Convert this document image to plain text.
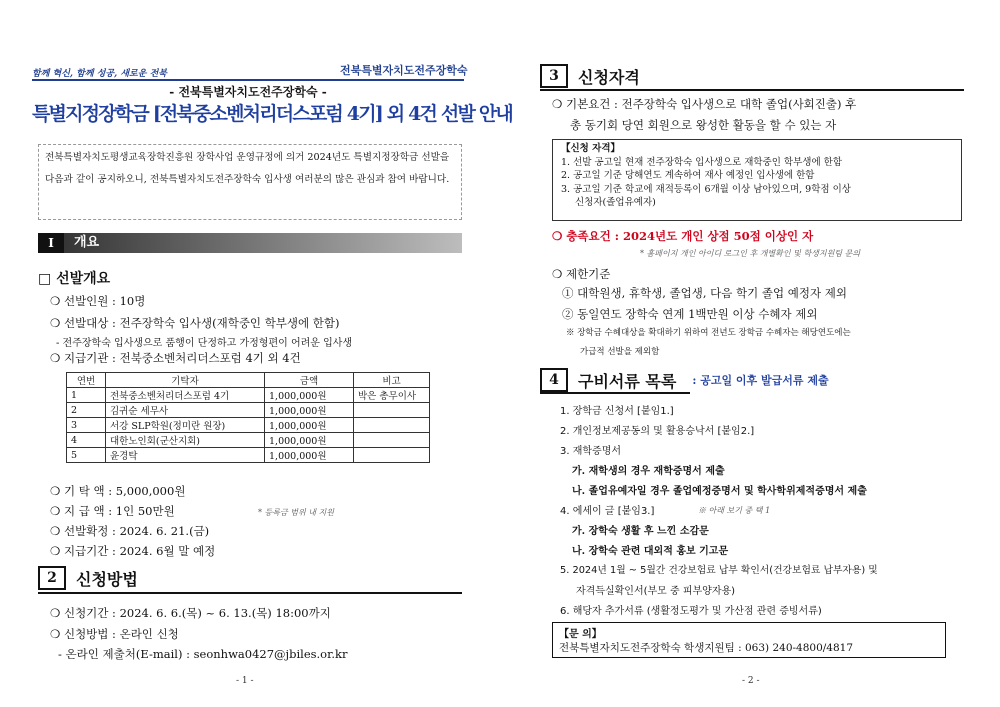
함께 혁신, 함께 성공, 새로운 전북	전북특별자치도전주장학숙
- 전북특별자치도전주장학숙 -
특별지정장학금 [전북중소벤처리더스포럼 4기] 외 4건 선발 안내
전북특별자치도평생교육장학진흥원 장학사업 운영규정에 의거 2024년도 특별지정장학금 선발을 다음과 같이 공지하오니, 전북특별자치도전주장학숙 입사생 여러분의 많은 관심과 참여 바랍니다.
I	개요
□ 선발개요
❍ 선발인원 : 10명
❍ 선발대상 : 전주장학숙 입사생(재학중인 학부생에 한함)
- 전주장학숙 입사생으로 품행이 단정하고 가정형편이 어려운 입사생
❍ 지급기관 : 전북중소벤처리더스포럼 4기 외 4건
연번	기탁자	금액	비고
1	전북중소벤처리더스포럼 4기	1,000,000원	박은 총무이사
2	김귀순 세무사	1,000,000원	
3	서강 SLP학원(정미란 원장)	1,000,000원	
4	대한노인회(군산지회)	1,000,000원	
5	윤경탁	1,000,000원	
❍ 기 탁 액 : 5,000,000원
❍ 지 급 액 : 1인 50만원	* 등록금 범위 내 지원
❍ 선발확정 : 2024. 6. 21.(금)
❍ 지급기간 : 2024. 6월 말 예정
2	신청방법
❍ 신청기간 : 2024. 6. 6.(목) ~ 6. 13.(목) 18:00까지
❍ 신청방법 : 온라인 신청
- 온라인 제출처(E-mail) : seonhwa0427@jbiles.or.kr
- 1 -
3	신청자격
❍ 기본요건 : 전주장학숙 입사생으로 대학 졸업(사회진출) 후
총 동기회 당연 회원으로 왕성한 활동을 할 수 있는 자
【신청 자격】
1. 선발 공고일 현재 전주장학숙 입사생으로 재학중인 학부생에 한함
2. 공고일 기준 당해연도 계속하여 재사 예정인 입사생에 한함
3. 공고일 기준 학교에 재적등록이 6개월 이상 남아있으며, 9학점 이상
신청자(졸업유예자)
❍ 충족요건 : 2024년도 개인 상점 50점 이상인 자
* 홈페이지 개인 아이디 로그인 후 개별확인 및 학생지원팀 문의
❍ 제한기준
① 대학원생, 휴학생, 졸업생, 다음 학기 졸업 예정자 제외
② 동일연도 장학숙 연계 1백만원 이상 수혜자 제외
※ 장학금 수혜대상을 확대하기 위하여 전년도 장학금 수혜자는 해당연도에는
가급적 선발을 제외함
4	구비서류 목록 : 공고일 이후 발급서류 제출
1. 장학금 신청서 [붙임1.]
2. 개인정보제공동의 및 활용승낙서 [붙임2.]
3. 재학증명서
가. 재학생의 경우 재학증명서 제출
나. 졸업유예자일 경우 졸업예정증명서 및 학사학위제적증명서 제출
4. 에세이 글 [붙임3.]	※ 아래 보기 중 택 1
가. 장학숙 생활 후 느낀 소감문
나. 장학숙 관련 대외적 홍보 기고문
5. 2024년 1월 ~ 5월간 건강보험료 납부 확인서(건강보험료 납부자용) 및
자격득실확인서(부모 중 피부양자용)
6. 해당자 추가서류 (생활정도평가 및 가산점 관련 증빙서류)
【문 의】
전북특별자치도전주장학숙 학생지원팀 : 063) 240-4800/4817
- 2 -
